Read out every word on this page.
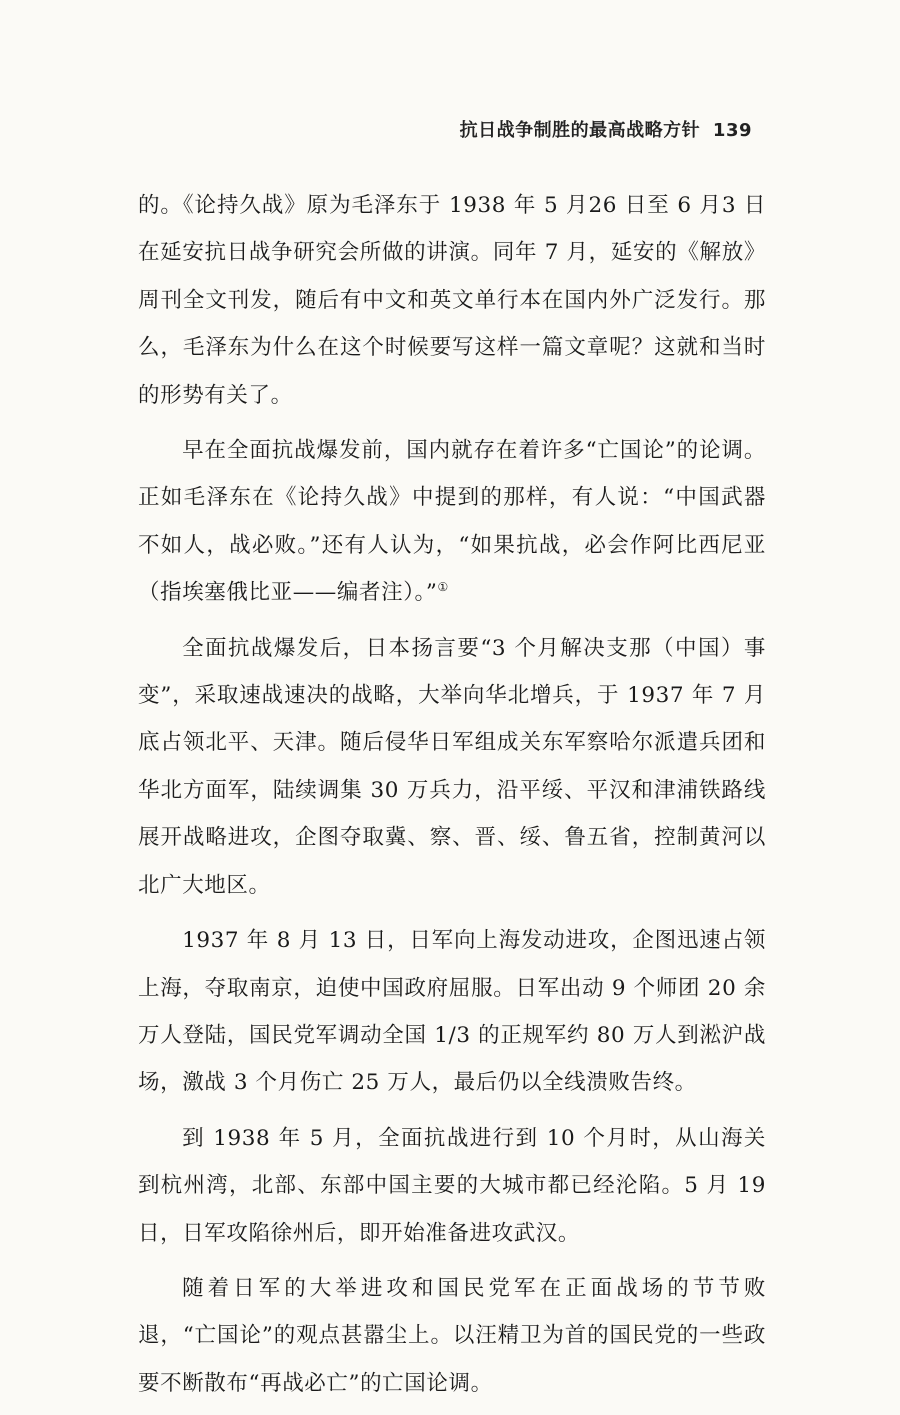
抗日战争制胜的最高战略方针 139

的。《论持久战》原为毛泽东于 1938 年 5 月26 日至 6 月3 日在延安抗日战争研究会所做的讲演。同年 7 月，延安的《解放》周刊全文刊发，随后有中文和英文单行本在国内外广泛发行。那么，毛泽东为什么在这个时候要写这样一篇文章呢？这就和当时的形势有关了。

早在全面抗战爆发前，国内就存在着许多“亡国论”的论调。正如毛泽东在《论持久战》中提到的那样，有人说：“中国武器不如人，战必败。”还有人认为，“如果抗战，必会作阿比西尼亚（指埃塞俄比亚——编者注）。”①

全面抗战爆发后，日本扬言要“3 个月解决支那（中国）事变”，采取速战速决的战略，大举向华北增兵，于 1937 年 7 月底占领北平、天津。随后侵华日军组成关东军察哈尔派遣兵团和华北方面军，陆续调集 30 万兵力，沿平绥、平汉和津浦铁路线展开战略进攻，企图夺取冀、察、晋、绥、鲁五省，控制黄河以北广大地区。

1937 年 8 月 13 日，日军向上海发动进攻，企图迅速占领上海，夺取南京，迫使中国政府屈服。日军出动 9 个师团 20 余万人登陆，国民党军调动全国 1/3 的正规军约 80 万人到淞沪战场，激战 3 个月伤亡 25 万人，最后仍以全线溃败告终。

到 1938 年 5 月，全面抗战进行到 10 个月时，从山海关到杭州湾，北部、东部中国主要的大城市都已经沦陷。5 月 19 日，日军攻陷徐州后，即开始准备进攻武汉。

随着日军的大举进攻和国民党军在正面战场的节节败退，“亡国论”的观点甚嚣尘上。以汪精卫为首的国民党的一些政要不断散布“再战必亡”的亡国论调。
